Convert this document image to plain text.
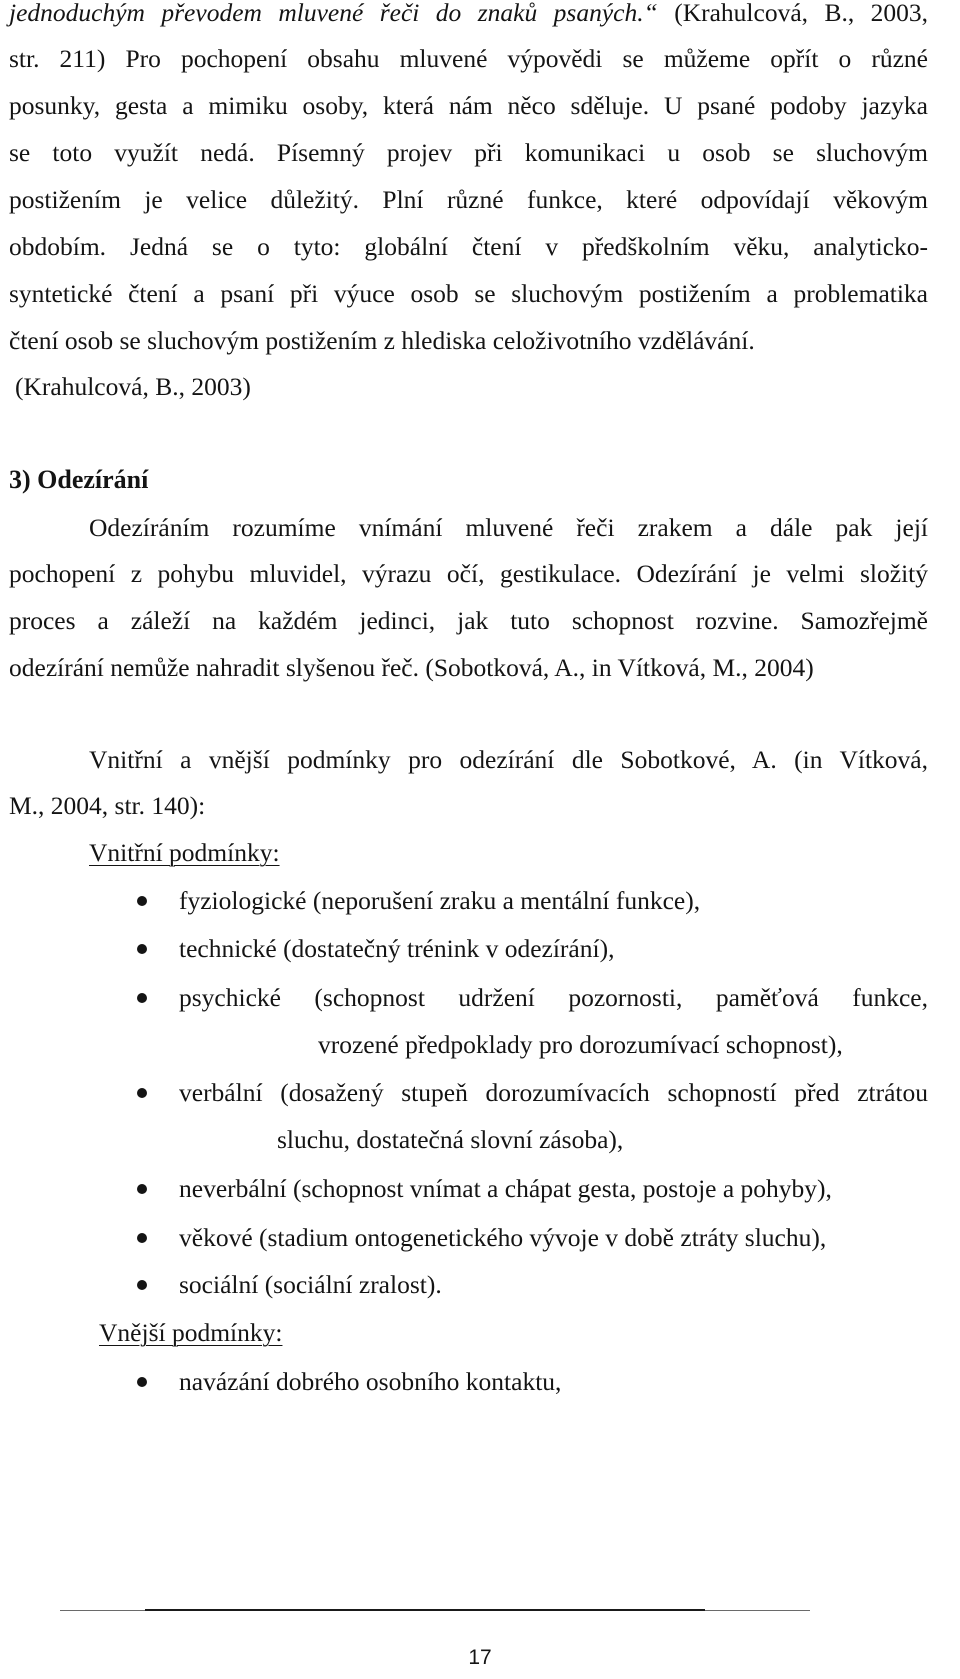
jednoduchým převodem mluvené řeči do znaků psaných.“ (Krahulcová, B., 2003,
str. 211) Pro pochopení obsahu mluvené výpovědi se můžeme opřít o různé
posunky, gesta a mimiku osoby, která nám něco sděluje. U psané podoby jazyka
se toto využít nedá. Písemný projev při komunikaci u osob se sluchovým
postižením je velice důležitý. Plní různé funkce, které odpovídají věkovým
obdobím. Jedná se o tyto: globální čtení v předškolním věku, analyticko-
syntetické čtení a psaní při výuce osob se sluchovým postižením a problematika
čtení osob se sluchovým postižením z hlediska celoživotního vzdělávání.
(Krahulcová, B., 2003)
3) Odezírání
Odezíráním rozumíme vnímání mluvené řeči zrakem a dále pak její
pochopení z pohybu mluvidel, výrazu očí, gestikulace. Odezírání je velmi složitý
proces a záleží na každém jedinci, jak tuto schopnost rozvine. Samozřejmě
odezírání nemůže nahradit slyšenou řeč. (Sobotková, A., in Vítková, M., 2004)
Vnitřní a vnější podmínky pro odezírání dle Sobotkové, A. (in Vítková,
M., 2004, str. 140):
Vnitřní podmínky:
fyziologické (neporušení zraku a mentální funkce),
technické (dostatečný trénink v odezírání),
psychické (schopnost udržení pozornosti, paměťová funkce,
vrozené předpoklady pro dorozumívací schopnost),
verbální (dosažený stupeň dorozumívacích schopností před ztrátou
sluchu, dostatečná slovní zásoba),
neverbální (schopnost vnímat a chápat gesta, postoje a pohyby),
věkové (stadium ontogenetického vývoje v době ztráty sluchu),
sociální (sociální zralost).
Vnější podmínky:
navázání dobrého osobního kontaktu,
17
